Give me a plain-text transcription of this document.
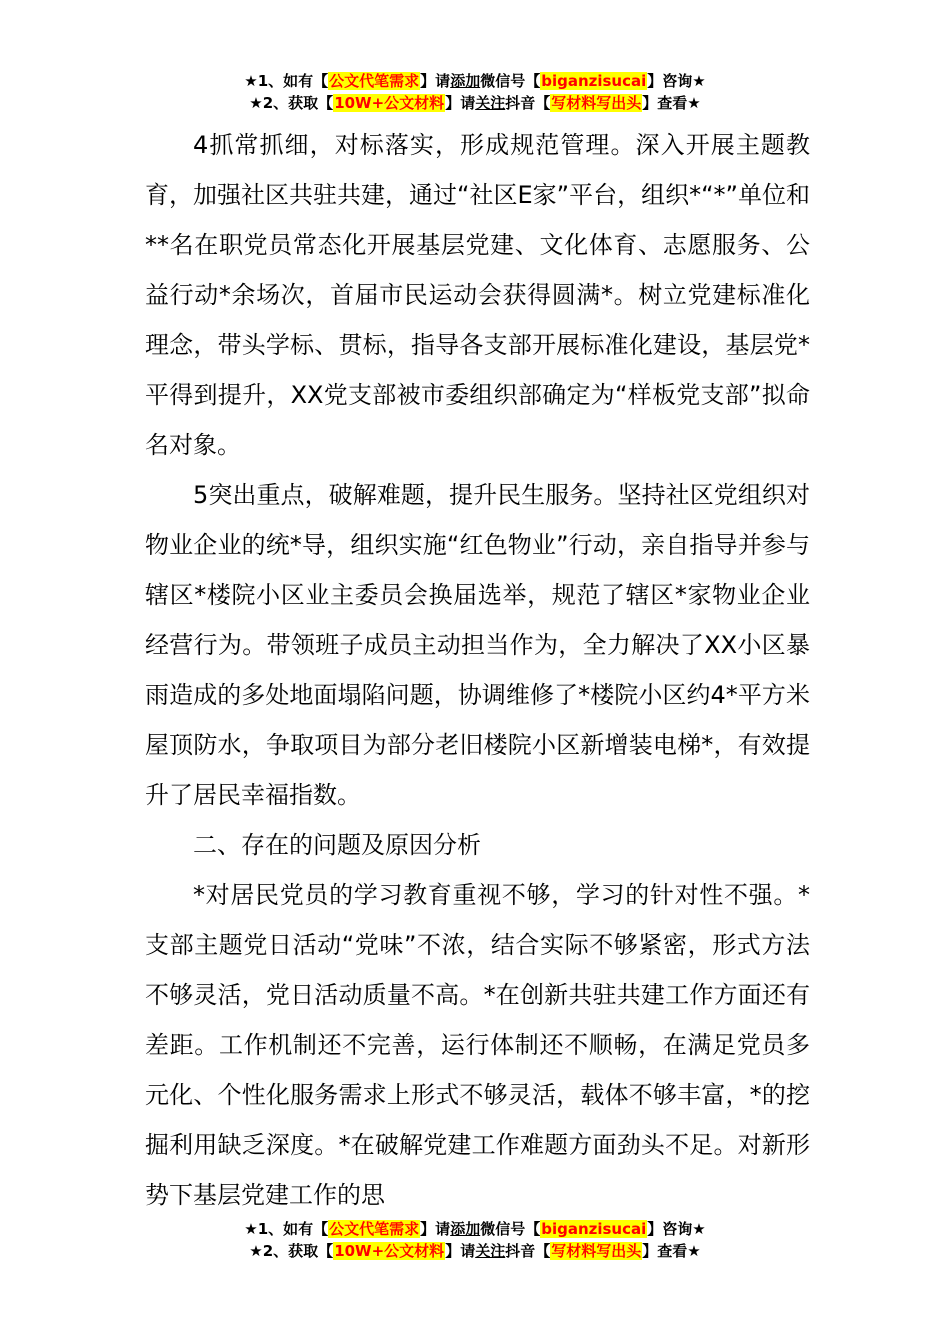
★1、如有【公文代笔需求】请添加微信号【biganzisucai】咨询★
★2、获取【10W+公文材料】请关注抖音【写材料写出头】查看★

4抓常抓细，对标落实，形成规范管理。深入开展主题教育，加强社区共驻共建，通过“社区E家”平台，组织*“*”单位和**名在职党员常态化开展基层党建、文化体育、志愿服务、公益行动*余场次，首届市民运动会获得圆满*。树立党建标准化理念，带头学标、贯标，指导各支部开展标准化建设，基层党*平得到提升，XX党支部被市委组织部确定为“样板党支部”拟命名对象。

5突出重点，破解难题，提升民生服务。坚持社区党组织对物业企业的统*导，组织实施“红色物业”行动，亲自指导并参与辖区*楼院小区业主委员会换届选举，规范了辖区*家物业企业经营行为。带领班子成员主动担当作为，全力解决了XX小区暴雨造成的多处地面塌陷问题，协调维修了*楼院小区约4*平方米屋顶防水，争取项目为部分老旧楼院小区新增装电梯*，有效提升了居民幸福指数。

二、存在的问题及原因分析

*对居民党员的学习教育重视不够，学习的针对性不强。*支部主题党日活动“党味”不浓，结合实际不够紧密，形式方法不够灵活，党日活动质量不高。*在创新共驻共建工作方面还有差距。工作机制还不完善，运行体制还不顺畅，在满足党员多元化、个性化服务需求上形式不够灵活，载体不够丰富，*的挖掘利用缺乏深度。*在破解党建工作难题方面劲头不足。对新形势下基层党建工作的思

★1、如有【公文代笔需求】请添加微信号【biganzisucai】咨询★
★2、获取【10W+公文材料】请关注抖音【写材料写出头】查看★
